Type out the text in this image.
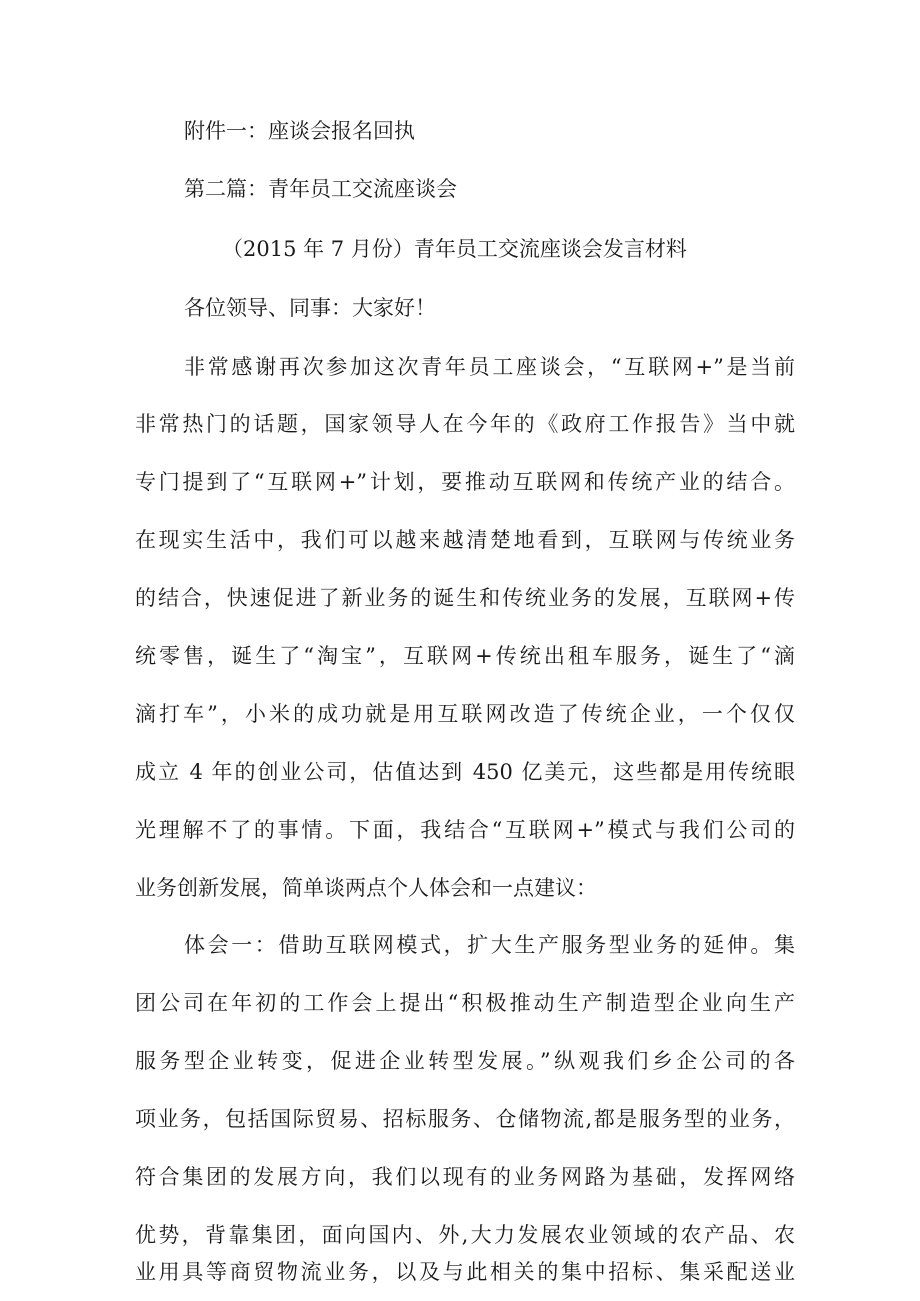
附件一：座谈会报名回执
第二篇：青年员工交流座谈会
（2015 年 7 月份）青年员工交流座谈会发言材料
各位领导、同事：大家好！
非常感谢再次参加这次青年员工座谈会，“互联网+”是当前
非常热门的话题，国家领导人在今年的《政府工作报告》当中就
专门提到了“互联网+”计划，要推动互联网和传统产业的结合。
在现实生活中，我们可以越来越清楚地看到，互联网与传统业务
的结合，快速促进了新业务的诞生和传统业务的发展，互联网+传
统零售，诞生了“淘宝”，互联网+传统出租车服务，诞生了“滴
滴打车”，小米的成功就是用互联网改造了传统企业，一个仅仅
成立 4 年的创业公司，估值达到 450 亿美元，这些都是用传统眼
光理解不了的事情。下面，我结合“互联网+”模式与我们公司的
业务创新发展，简单谈两点个人体会和一点建议：
体会一：借助互联网模式，扩大生产服务型业务的延伸。集
团公司在年初的工作会上提出“积极推动生产制造型企业向生产
服务型企业转变，促进企业转型发展。”纵观我们乡企公司的各
项业务，包括国际贸易、招标服务、仓储物流,都是服务型的业务，
符合集团的发展方向，我们以现有的业务网路为基础，发挥网络
优势，背靠集团，面向国内、外,大力发展农业领域的农产品、农
业用具等商贸物流业务，以及与此相关的集中招标、集采配送业
